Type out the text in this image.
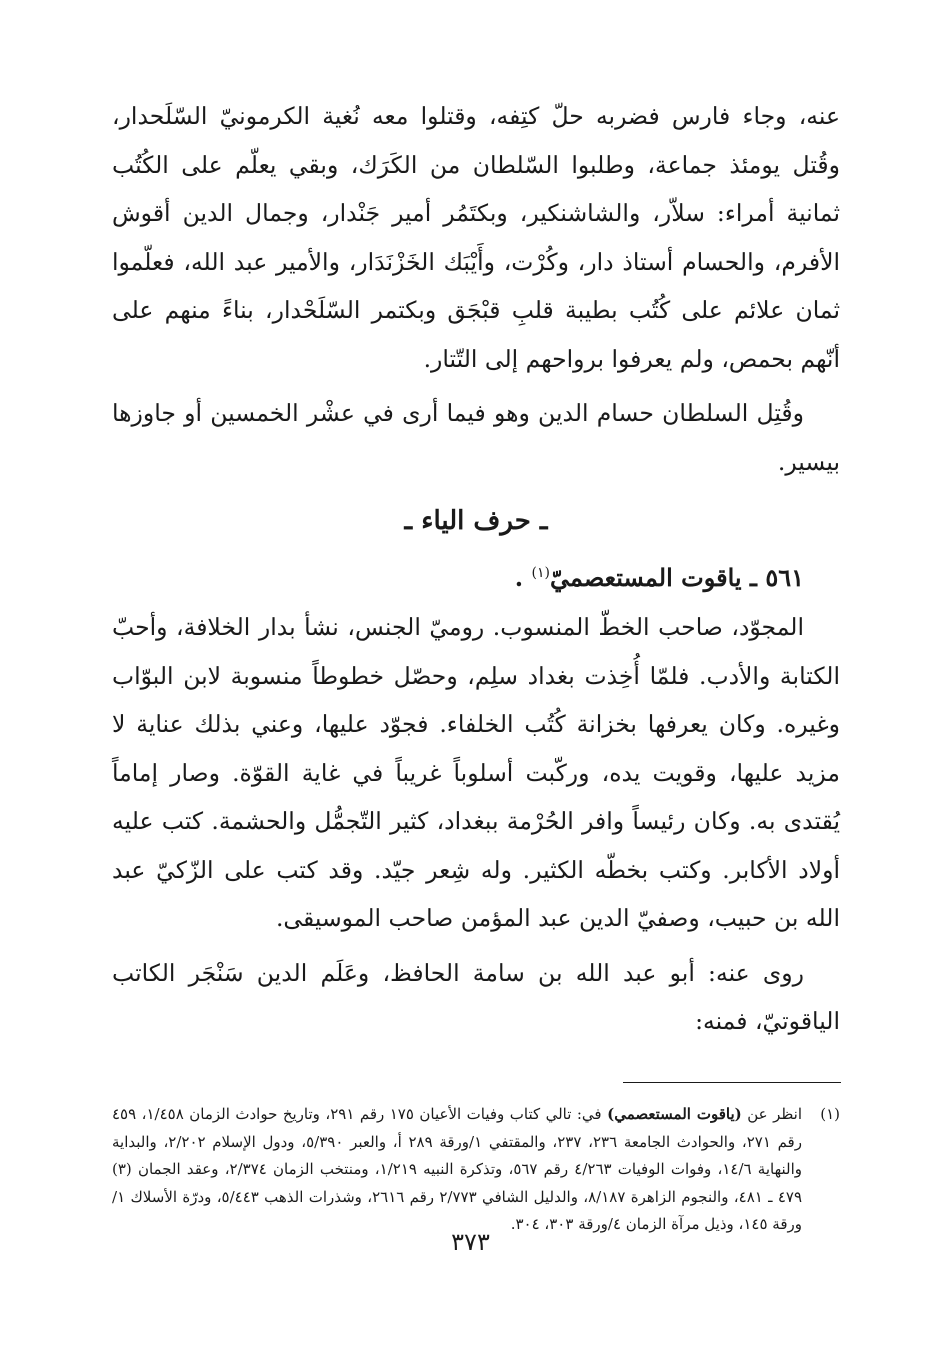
عنه، وجاء فارس فضربه حلّ كتِفه، وقتلوا معه نُغية الكرمونيّ السّلَحدار، وقُتل يومئذ جماعة، وطلبوا السّلطان من الكَرَك، وبقي يعلّم على الكُتُب ثمانية أمراء: سلاّر، والشاشنكير، وبكتَمُر أمير جَنْدار، وجمال الدين أقوش الأفرم، والحسام أستاذ دار، وكُرْت، وأَيْبَك الخَزْنَدَار، والأمير عبد الله، فعلّموا ثمان علائم على كُتُب بطيبة قلبِ قبْجَق وبكتمر السّلَحْدار، بناءً منهم على أنّهم بحمص، ولم يعرفوا برواحهم إلى التّتار.

وقُتِل السلطان حسام الدين وهو فيما أرى في عشْر الخمسين أو جاوزها بيسير.

ـ حرف الياء ـ

٥٦١ ـ ياقوت المستعصميّ$^{(١)}$ .

المجوّد، صاحب الخطّ المنسوب. روميّ الجنس، نشأ بدار الخلافة، وأحبّ الكتابة والأدب. فلمّا أُخِذت بغداد سلِم، وحصّل خطوطاً منسوبة لابن البوّاب وغيره. وكان يعرفها بخزانة كُتُب الخلفاء. فجوّد عليها، وعني بذلك عناية لا مزيد عليها، وقويت يده، وركّبت أسلوباً غريباً في غاية القوّة. وصار إماماً يُقتدى به. وكان رئيساً وافر الحُرْمة ببغداد، كثير التّجمُّل والحشمة. كتب عليه أولاد الأكابر. وكتب بخطّه الكثير. وله شِعر جيّد. وقد كتب على الزّكيّ عبد الله بن حبيب، وصفيّ الدين عبد المؤمن صاحب الموسيقى.

روى عنه: أبو عبد الله بن سامة الحافظ، وعَلَم الدين سَنْجَر الكاتب الياقوتيّ، فمنه:

(١)
انظر عن (ياقوت المستعصمي) في: تالي كتاب وفيات الأعيان ١٧٥ رقم ٢٩١، وتاريخ حوادث الزمان ١/٤٥٨، ٤٥٩ رقم ٢٧١، والحوادث الجامعة ٢٣٦، ٢٣٧، والمقتفي ١/ورقة ٢٨٩ أ، والعبر ٥/٣٩٠، ودول الإسلام ٢/٢٠٢، والبداية والنهاية ١٤/٦، وفوات الوفيات ٤/٢٦٣ رقم ٥٦٧، وتذكرة النبيه ١/٢١٩، ومنتخب الزمان ٢/٣٧٤، وعقد الجمان (٣) ٤٧٩ ـ ٤٨١، والنجوم الزاهرة ٨/١٨٧، والدليل الشافي ٢/٧٧٣ رقم ٢٦١٦، وشذرات الذهب ٥/٤٤٣، ودرّة الأسلاك ١/ورقة ١٤٥، وذيل مرآة الزمان ٤/ورقة ٣٠٣، ٣٠٤.
٣٧٣
